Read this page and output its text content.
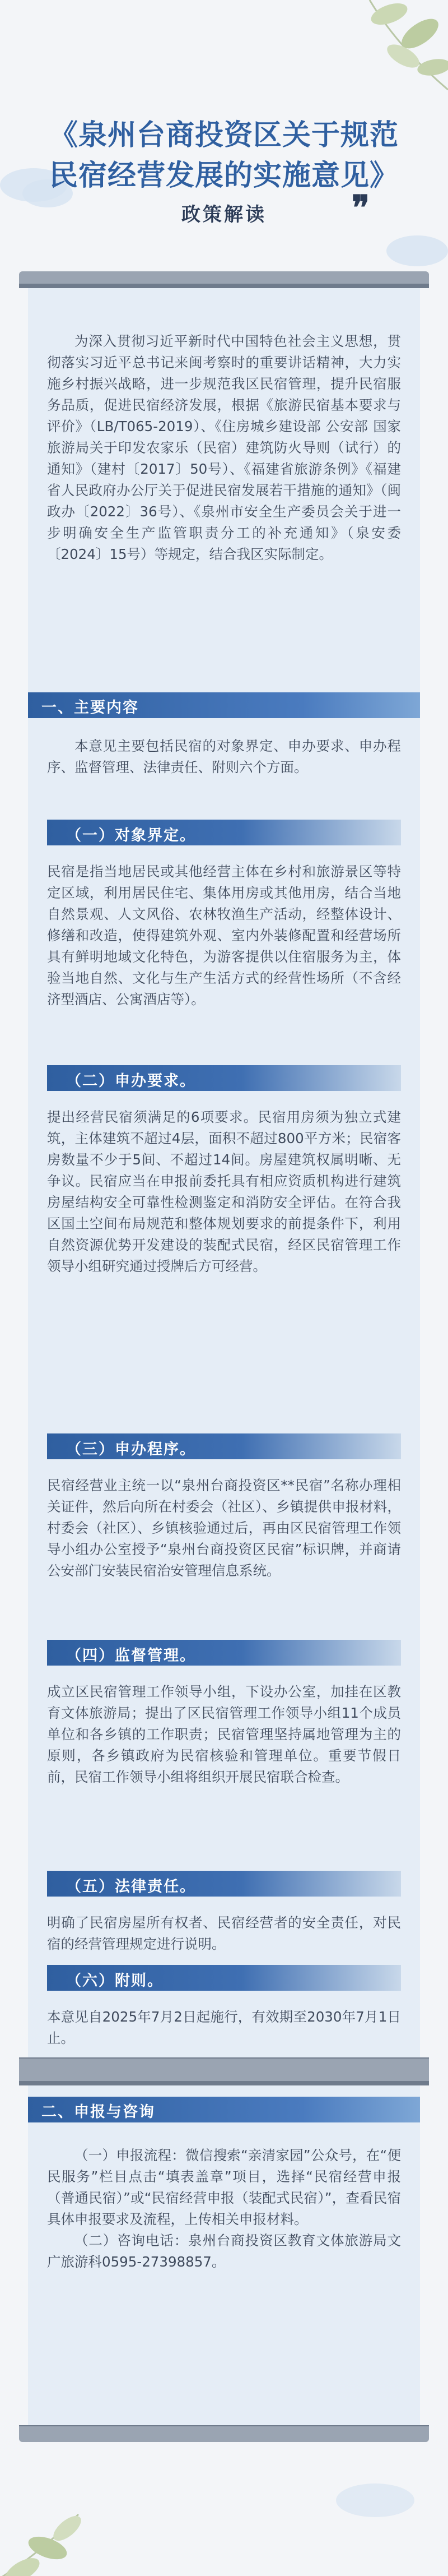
《泉州台商投资区关于规范
民宿经营发展的实施意见》
政策解读	❞

为深入贯彻习近平新时代中国特色社会主义思想，贯彻落实习近平总书记来闽考察时的重要讲话精神，大力实施乡村振兴战略，进一步规范我区民宿管理，提升民宿服务品质，促进民宿经济发展，根据《旅游民宿基本要求与评价》（LB/T065-2019）、《住房城乡建设部 公安部 国家旅游局关于印发农家乐（民宿）建筑防火导则（试行）的通知》（建村〔2017〕50号）、《福建省旅游条例》《福建省人民政府办公厅关于促进民宿发展若干措施的通知》（闽政办〔2022〕36号）、《泉州市安全生产委员会关于进一步明确安全生产监管职责分工的补充通知》（泉安委〔2024〕15号）等规定，结合我区实际制定。

一、主要内容

本意见主要包括民宿的对象界定、申办要求、申办程序、监督管理、法律责任、附则六个方面。

（一）对象界定。

民宿是指当地居民或其他经营主体在乡村和旅游景区等特定区域，利用居民住宅、集体用房或其他用房，结合当地自然景观、人文风俗、农林牧渔生产活动，经整体设计、修缮和改造，使得建筑外观、室内外装修配置和经营场所具有鲜明地域文化特色，为游客提供以住宿服务为主，体验当地自然、文化与生产生活方式的经营性场所（不含经济型酒店、公寓酒店等）。

（二）申办要求。

提出经营民宿须满足的6项要求。民宿用房须为独立式建筑，主体建筑不超过4层，面积不超过800平方米；民宿客房数量不少于5间、不超过14间。房屋建筑权属明晰、无争议。民宿应当在申报前委托具有相应资质机构进行建筑房屋结构安全可靠性检测鉴定和消防安全评估。在符合我区国土空间布局规范和整体规划要求的前提条件下，利用自然资源优势开发建设的装配式民宿，经区民宿管理工作领导小组研究通过授牌后方可经营。

（三）申办程序。

民宿经营业主统一以“泉州台商投资区**民宿”名称办理相关证件，然后向所在村委会（社区）、乡镇提供申报材料，村委会（社区）、乡镇核验通过后，再由区民宿管理工作领导小组办公室授予“泉州台商投资区民宿”标识牌，并商请公安部门安装民宿治安管理信息系统。

（四）监督管理。

成立区民宿管理工作领导小组，下设办公室，加挂在区教育文体旅游局；提出了区民宿管理工作领导小组11个成员单位和各乡镇的工作职责；民宿管理坚持属地管理为主的原则，各乡镇政府为民宿核验和管理单位。重要节假日前，民宿工作领导小组将组织开展民宿联合检查。

（五）法律责任。

明确了民宿房屋所有权者、民宿经营者的安全责任，对民宿的经营管理规定进行说明。

（六）附则。

本意见自2025年7月2日起施行，有效期至2030年7月1日止。

二、申报与咨询

（一）申报流程：微信搜索“亲清家园”公众号，在“便民服务”栏目点击“填表盖章”项目，选择“民宿经营申报（普通民宿）”或“民宿经营申报（装配式民宿）”，查看民宿具体申报要求及流程，上传相关申报材料。

（二）咨询电话：泉州台商投资区教育文体旅游局文广旅游科0595-27398857。
